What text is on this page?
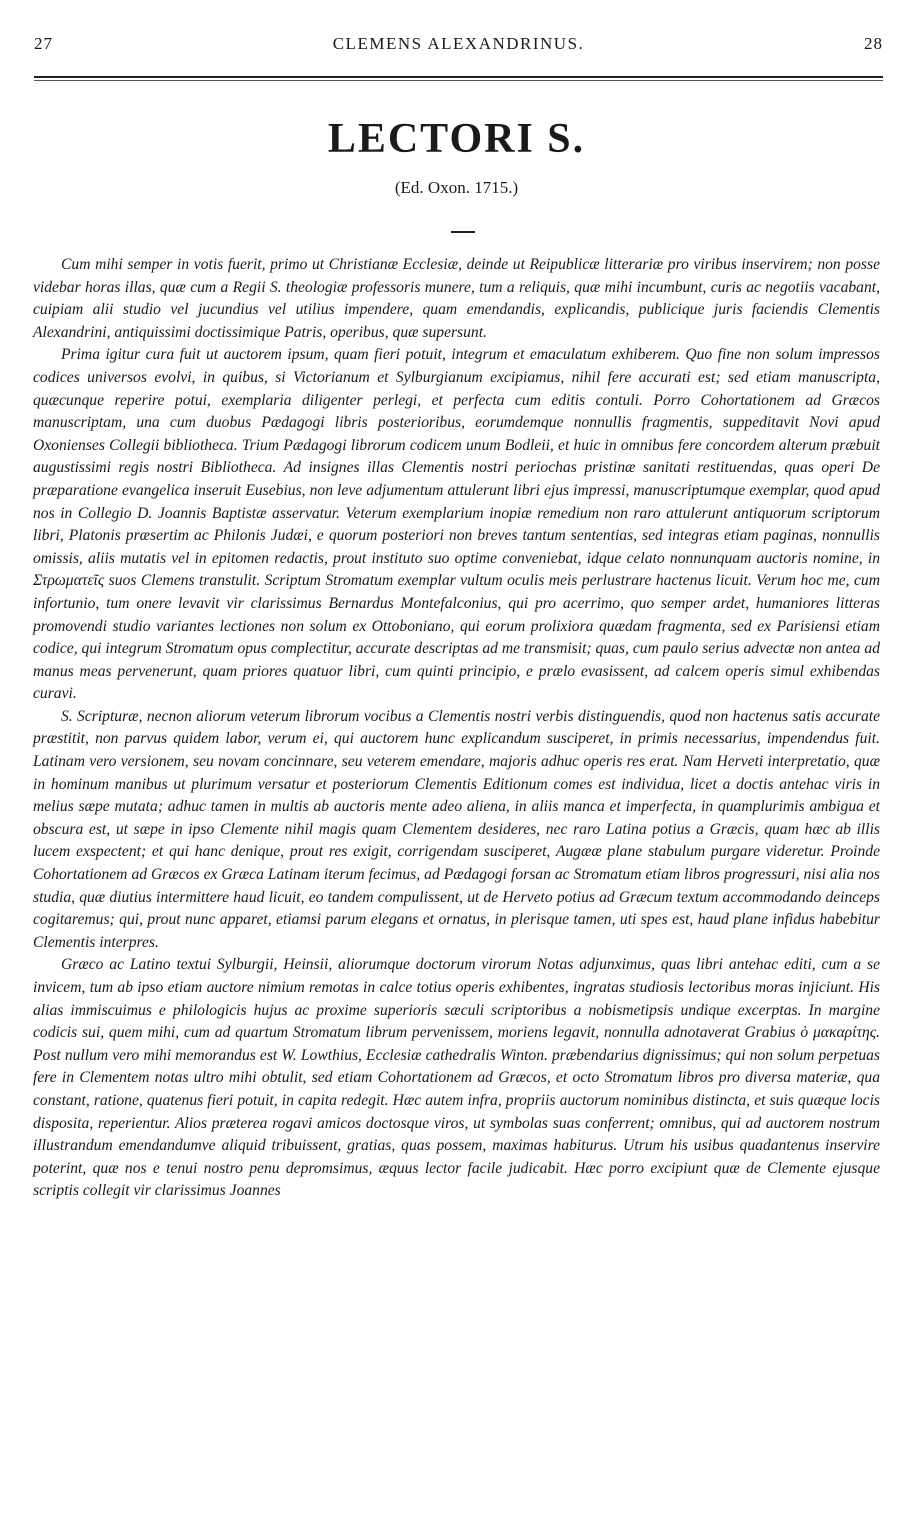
27	CLEMENS ALEXANDRINUS.	28
LECTORI S.
(Ed. Oxon. 1715.)

Cum mihi semper in votis fuerit, primo ut Christianæ Ecclesiæ, deinde ut Reipublicæ litterariæ pro viribus inservirem; non posse videbar horas illas, quæ cum a Regii S. theologiæ professoris munere, tum a reliquis, quæ mihi incumbunt, curis ac negotiis vacabant, cuipiam alii studio vel jucundius vel utilius impendere, quam emendandis, explicandis, publicique juris faciendis Clementis Alexandrini, antiquissimi doctissimique Patris, operibus, quæ supersunt.

Prima igitur cura fuit ut auctorem ipsum, quam fieri potuit, integrum et emaculatum exhiberem. Quo fine non solum impressos codices universos evolvi, in quibus, si Victorianum et Sylburgianum excipiamus, nihil fere accurati est; sed etiam manuscripta, quæcunque reperire potui, exemplaria diligenter perlegi, et perfecta cum editis contuli. Porro Cohortationem ad Græcos manuscriptam, una cum duobus Pædagogi libris posterioribus, eorumdemque nonnullis fragmentis, suppeditavit Novi apud Oxonienses Collegii bibliotheca. Trium Pædagogi librorum codicem unum Bodleii, et huic in omnibus fere concordem alterum præbuit augustissimi regis nostri Bibliotheca. Ad insignes illas Clementis nostri periochas pristinæ sanitati restituendas, quas operi De præparatione evangelica inseruit Eusebius, non leve adjumentum attulerunt libri ejus impressi, manuscriptumque exemplar, quod apud nos in Collegio D. Joannis Baptistæ asservatur. Veterum exemplarium inopiæ remedium non raro attulerunt antiquorum scriptorum libri, Platonis præsertim ac Philonis Judæi, e quorum posteriori non breves tantum sententias, sed integras etiam paginas, nonnullis omissis, aliis mutatis vel in epitomen redactis, prout instituto suo optime conveniebat, idque celato nonnunquam auctoris nomine, in Στρωματεῖς suos Clemens transtulit. Scriptum Stromatum exemplar vultum oculis meis perlustrare hactenus licuit. Verum hoc me, cum infortunio, tum onere levavit vir clarissimus Bernardus Montefalconius, qui pro acerrimo, quo semper ardet, humaniores litteras promovendi studio variantes lectiones non solum ex Ottoboniano, qui eorum prolixiora quædam fragmenta, sed ex Parisiensi etiam codice, qui integrum Stromatum opus complectitur, accurate descriptas ad me transmisit; quas, cum paulo serius advectæ non antea ad manus meas pervenerunt, quam priores quatuor libri, cum quinti principio, e prælo evasissent, ad calcem operis simul exhibendas curavi.

S. Scripturæ, necnon aliorum veterum librorum vocibus a Clementis nostri verbis distinguendis, quod non hactenus satis accurate præstitit, non parvus quidem labor, verum ei, qui auctorem hunc explicandum susciperet, in primis necessarius, impendendus fuit. Latinam vero versionem, seu novam concinnare, seu veterem emendare, majoris adhuc operis res erat. Nam Herveti interpretatio, quæ in hominum manibus ut plurimum versatur et posteriorum Clementis Editionum comes est individua, licet a doctis antehac viris in melius sæpe mutata; adhuc tamen in multis ab auctoris mente adeo aliena, in aliis manca et imperfecta, in quamplurimis ambigua et obscura est, ut sæpe in ipso Clemente nihil magis quam Clementem desideres, nec raro Latina potius a Græcis, quam hæc ab illis lucem exspectent; et qui hanc denique, prout res exigit, corrigendam susciperet, Augææ plane stabulum purgare videretur. Proinde Cohortationem ad Græcos ex Græca Latinam iterum fecimus, ad Pædagogi forsan ac Stromatum etiam libros progressuri, nisi alia nos studia, quæ diutius intermittere haud licuit, eo tandem compulissent, ut de Herveto potius ad Græcum textum accommodando deinceps cogitaremus; qui, prout nunc apparet, etiamsi parum elegans et ornatus, in plerisque tamen, uti spes est, haud plane infidus habebitur Clementis interpres.

Græco ac Latino textui Sylburgii, Heinsii, aliorumque doctorum virorum Notas adjunximus, quas libri antehac editi, cum a se invicem, tum ab ipso etiam auctore nimium remotas in calce totius operis exhibentes, ingratas studiosis lectoribus moras injiciunt. His alias immiscuimus e philologicis hujus ac proxime superioris sæculi scriptoribus a nobismetipsis undique excerptas. In margine codicis sui, quem mihi, cum ad quartum Stromatum librum pervenissem, moriens legavit, nonnulla adnotaverat Grabius ὁ μακαρίτης. Post nullum vero mihi memorandus est W. Lowthius, Ecclesiæ cathedralis Winton. præbendarius dignissimus; qui non solum perpetuas fere in Clementem notas ultro mihi obtulit, sed etiam Cohortationem ad Græcos, et octo Stromatum libros pro diversa materiæ, qua constant, ratione, quatenus fieri potuit, in capita redegit. Hæc autem infra, propriis auctorum nominibus distincta, et suis quæque locis disposita, reperientur. Alios præterea rogavi amicos doctosque viros, ut symbolas suas conferrent; omnibus, qui ad auctorem nostrum illustrandum emendandumve aliquid tribuissent, gratias, quas possem, maximas habiturus. Utrum his usibus quadantenus inservire poterint, quæ nos e tenui nostro penu depromsimus, æquus lector facile judicabit. Hæc porro excipiunt quæ de Clemente ejusque scriptis collegit vir clarissimus Joannes
